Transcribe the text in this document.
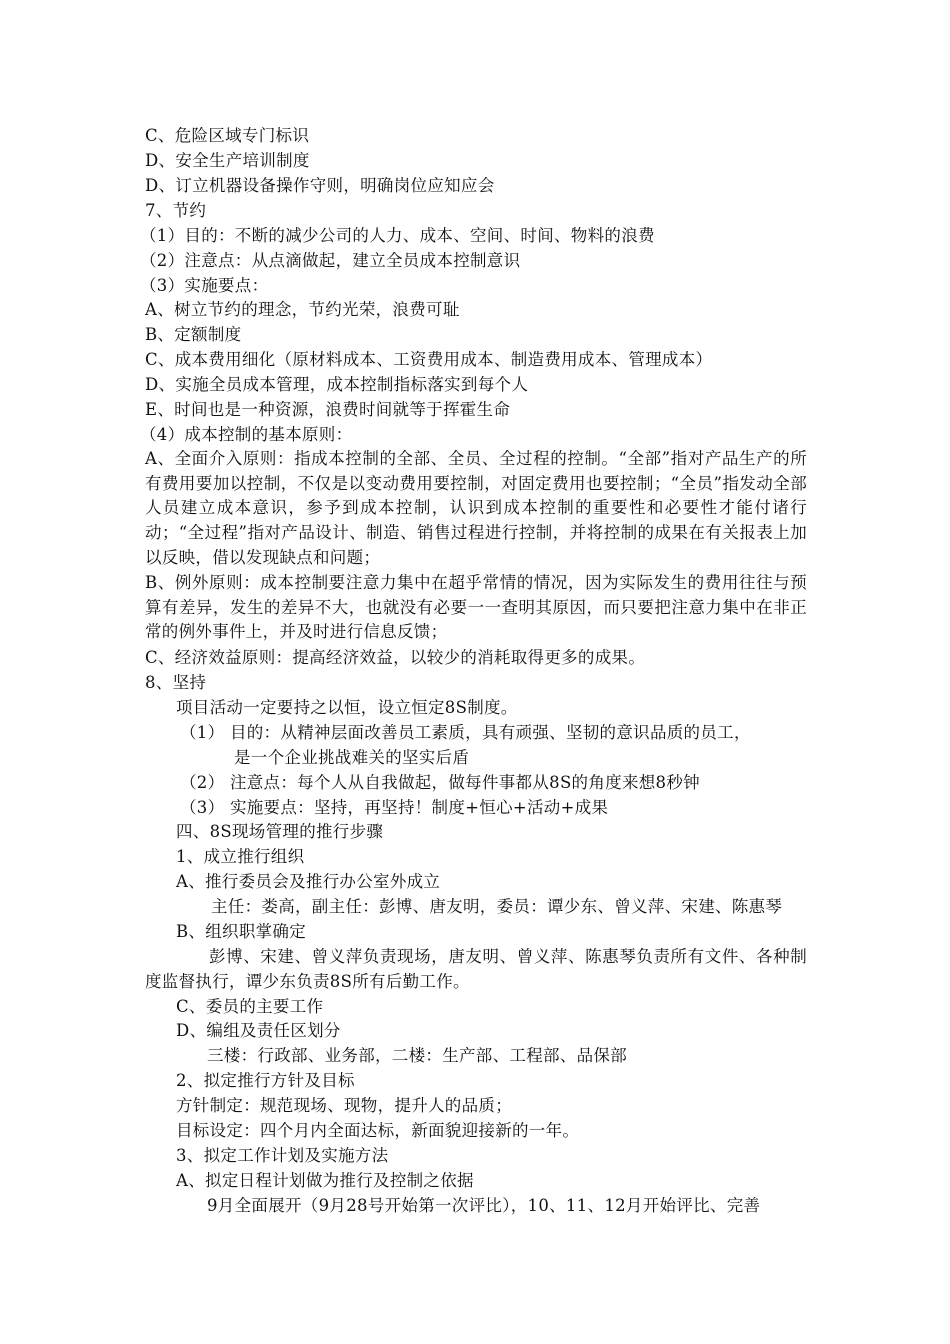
C、危险区域专门标识
D、安全生产培训制度
D、订立机器设备操作守则，明确岗位应知应会
7、节约
（1）目的：不断的减少公司的人力、成本、空间、时间、物料的浪费
（2）注意点：从点滴做起，建立全员成本控制意识
（3）实施要点：
A、树立节约的理念，节约光荣，浪费可耻
B、定额制度
C、成本费用细化（原材料成本、工资费用成本、制造费用成本、管理成本）
D、实施全员成本管理，成本控制指标落实到每个人
E、时间也是一种资源，浪费时间就等于挥霍生命
（4）成本控制的基本原则：
A、全面介入原则：指成本控制的全部、全员、全过程的控制。“全部”指对产品生产的所有费用要加以控制，不仅是以变动费用要控制，对固定费用也要控制；“全员”指发动全部人员建立成本意识，参予到成本控制，认识到成本控制的重要性和必要性才能付诸行动；“全过程”指对产品设计、制造、销售过程进行控制，并将控制的成果在有关报表上加以反映，借以发现缺点和问题；
B、例外原则：成本控制要注意力集中在超乎常情的情况，因为实际发生的费用往往与预算有差异，发生的差异不大，也就没有必要一一查明其原因，而只要把注意力集中在非正常的例外事件上，并及时进行信息反馈；
C、经济效益原则：提高经济效益，以较少的消耗取得更多的成果。
8、坚持
项目活动一定要持之以恒，设立恒定8S制度。
（1） 目的：从精神层面改善员工素质，具有顽强、坚韧的意识品质的员工，
是一个企业挑战难关的坚实后盾
（2） 注意点：每个人从自我做起，做每件事都从8S的角度来想8秒钟
（3） 实施要点：坚持，再坚持！制度+恒心+活动+成果
四、8S现场管理的推行步骤
1、成立推行组织
A、推行委员会及推行办公室外成立
主任：娄高，副主任：彭博、唐友明，委员：谭少东、曾义萍、宋建、陈惠琴
B、组织职掌确定
彭博、宋建、曾义萍负责现场，唐友明、曾义萍、陈惠琴负责所有文件、各种制度监督执行，谭少东负责8S所有后勤工作。
C、委员的主要工作
D、编组及责任区划分
三楼：行政部、业务部，二楼：生产部、工程部、品保部
2、拟定推行方针及目标
方针制定：规范现场、现物，提升人的品质；
目标设定：四个月内全面达标，新面貌迎接新的一年。
3、拟定工作计划及实施方法
A、拟定日程计划做为推行及控制之依据
9月全面展开（9月28号开始第一次评比），10、11、12月开始评比、完善
